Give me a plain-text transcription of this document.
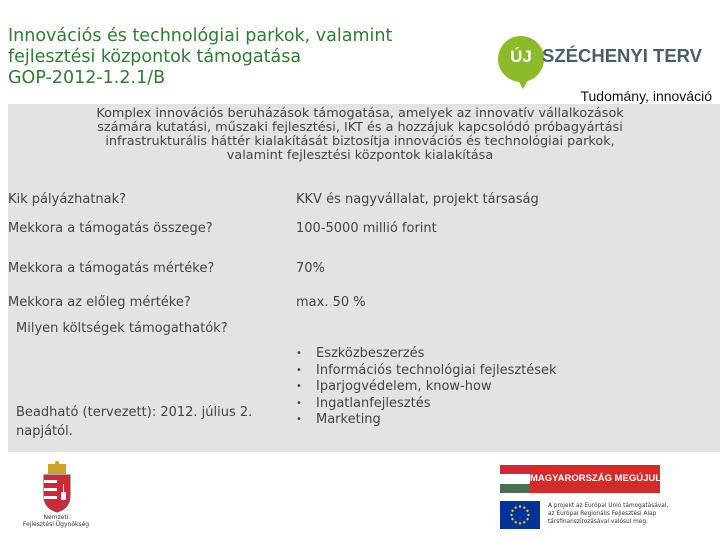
Innovációs és technológiai parkok, valamint
fejlesztési központok támogatása
GOP-2012-1.2.1/B
ÚJ SZÉCHENYI TERV
Tudomány, innováció
Komplex innovációs beruházások támogatása, amelyek az innovatív vállalkozások
számára kutatási, műszaki fejlesztési, IKT és a hozzájuk kapcsolódó próbagyártási
infrastrukturális háttér kialakítását biztosítja innovációs és technológiai parkok,
valamint fejlesztési központok kialakítása
Kik pályázhatnak?	KKV és nagyvállalat, projekt társaság
Mekkora a támogatás összege?	100-5000 millió forint
Mekkora a támogatás mértéke?	70%
Mekkora az előleg mértéke?	max. 50 %
Milyen költségek támogathatók?
• Eszközbeszerzés
• Információs technológiai fejlesztések
• Iparjogvédelem, know-how
• Ingatlanfejlesztés
• Marketing
Beadható (tervezett): 2012. július 2.
napjától.
Nemzeti
Fejlesztési Ügynökség
MAGYARORSZÁG MEGÚJUL
A projekt az Európai Unió támogatásával,
az Európai Regionális Fejlesztési Alap
társfinanszírozásával valósul meg.
